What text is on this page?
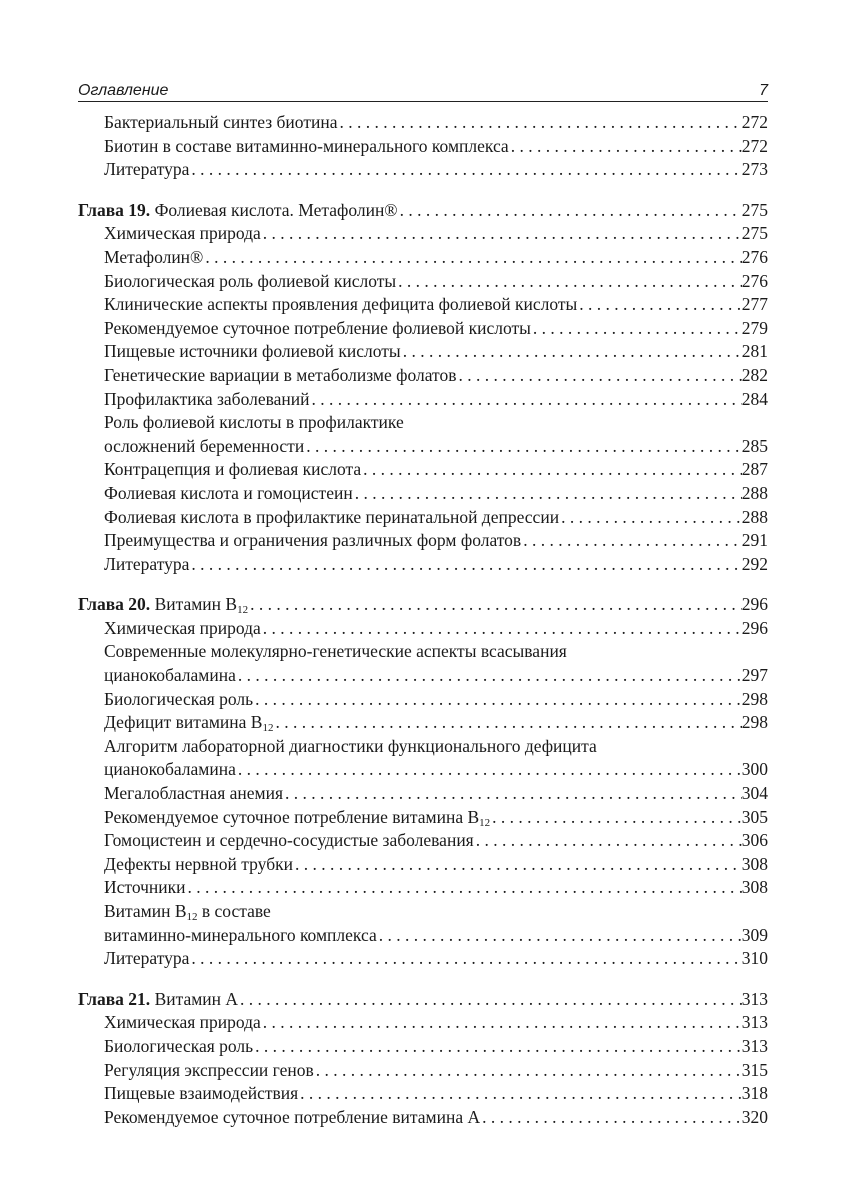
Оглавление	7
Бактериальный синтез биотина . . .	272
Биотин в составе витаминно-минерального комплекса . . .	272
Литература . . .	273
Глава 19. Фолиевая кислота. Метафолин® . . .	275
Химическая природа . . .	275
Метафолин® . . .	276
Биологическая роль фолиевой кислоты . . .	276
Клинические аспекты проявления дефицита фолиевой кислоты . . .	277
Рекомендуемое суточное потребление фолиевой кислоты . . .	279
Пищевые источники фолиевой кислоты . . .	281
Генетические вариации в метаболизме фолатов . . .	282
Профилактика заболеваний . . .	284
Роль фолиевой кислоты в профилактике
осложнений беременности . . .	285
Контрацепция и фолиевая кислота . . .	287
Фолиевая кислота и гомоцистеин . . .	288
Фолиевая кислота в профилактике перинатальной депрессии . . .	288
Преимущества и ограничения различных форм фолатов . . .	291
Литература . . .	292
Глава 20. Витамин $B_{12}$ . . .	296
Химическая природа . . .	296
Современные молекулярно-генетические аспекты всасывания
цианокобаламина . . .	297
Биологическая роль . . .	298
Дефицит витамина $B_{12}$ . . .	298
Алгоритм лабораторной диагностики функционального дефицита
цианокобаламина . . .	300
Мегалобластная анемия . . .	304
Рекомендуемое суточное потребление витамина $B_{12}$ . . .	305
Гомоцистеин и сердечно-сосудистые заболевания . . .	306
Дефекты нервной трубки . . .	308
Источники . . .	308
Витамин $B_{12}$ в составе
витаминно-минерального комплекса . . .	309
Литература . . .	310
Глава 21. Витамин A . . .	313
Химическая природа . . .	313
Биологическая роль . . .	313
Регуляция экспрессии генов . . .	315
Пищевые взаимодействия . . .	318
Рекомендуемое суточное потребление витамина A . . .	320
